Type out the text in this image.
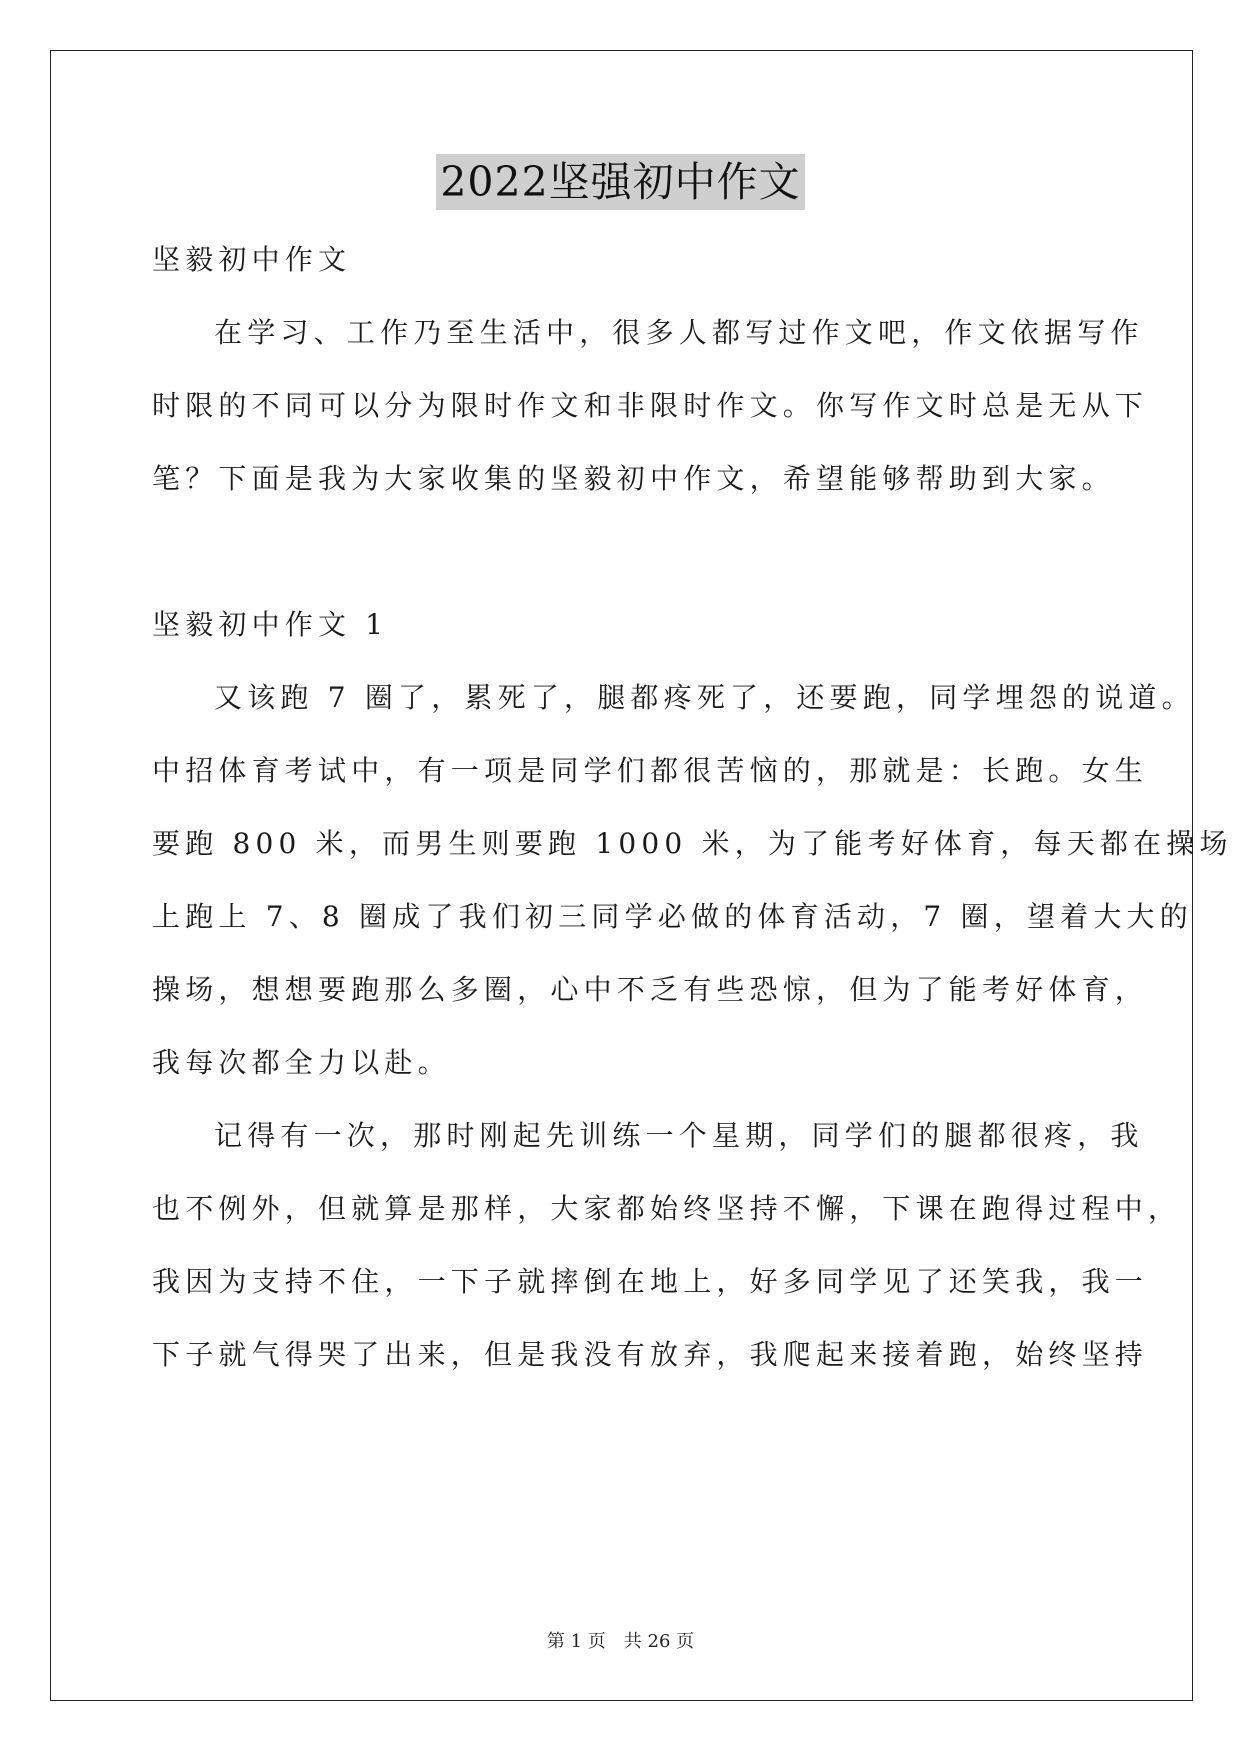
2022坚强初中作文
坚毅初中作文
在学习、工作乃至生活中，很多人都写过作文吧，作文依据写作
时限的不同可以分为限时作文和非限时作文。你写作文时总是无从下
笔？下面是我为大家收集的坚毅初中作文，希望能够帮助到大家。
坚毅初中作文 1
又该跑 7 圈了，累死了，腿都疼死了，还要跑，同学埋怨的说道。
中招体育考试中，有一项是同学们都很苦恼的，那就是：长跑。女生
要跑 800 米，而男生则要跑 1000 米，为了能考好体育，每天都在操场
上跑上 7、8 圈成了我们初三同学必做的体育活动，7 圈，望着大大的
操场，想想要跑那么多圈，心中不乏有些恐惊，但为了能考好体育，
我每次都全力以赴。
记得有一次，那时刚起先训练一个星期，同学们的腿都很疼，我
也不例外，但就算是那样，大家都始终坚持不懈，下课在跑得过程中，
我因为支持不住，一下子就摔倒在地上，好多同学见了还笑我，我一
下子就气得哭了出来，但是我没有放弃，我爬起来接着跑，始终坚持
第 1 页 共 26 页
